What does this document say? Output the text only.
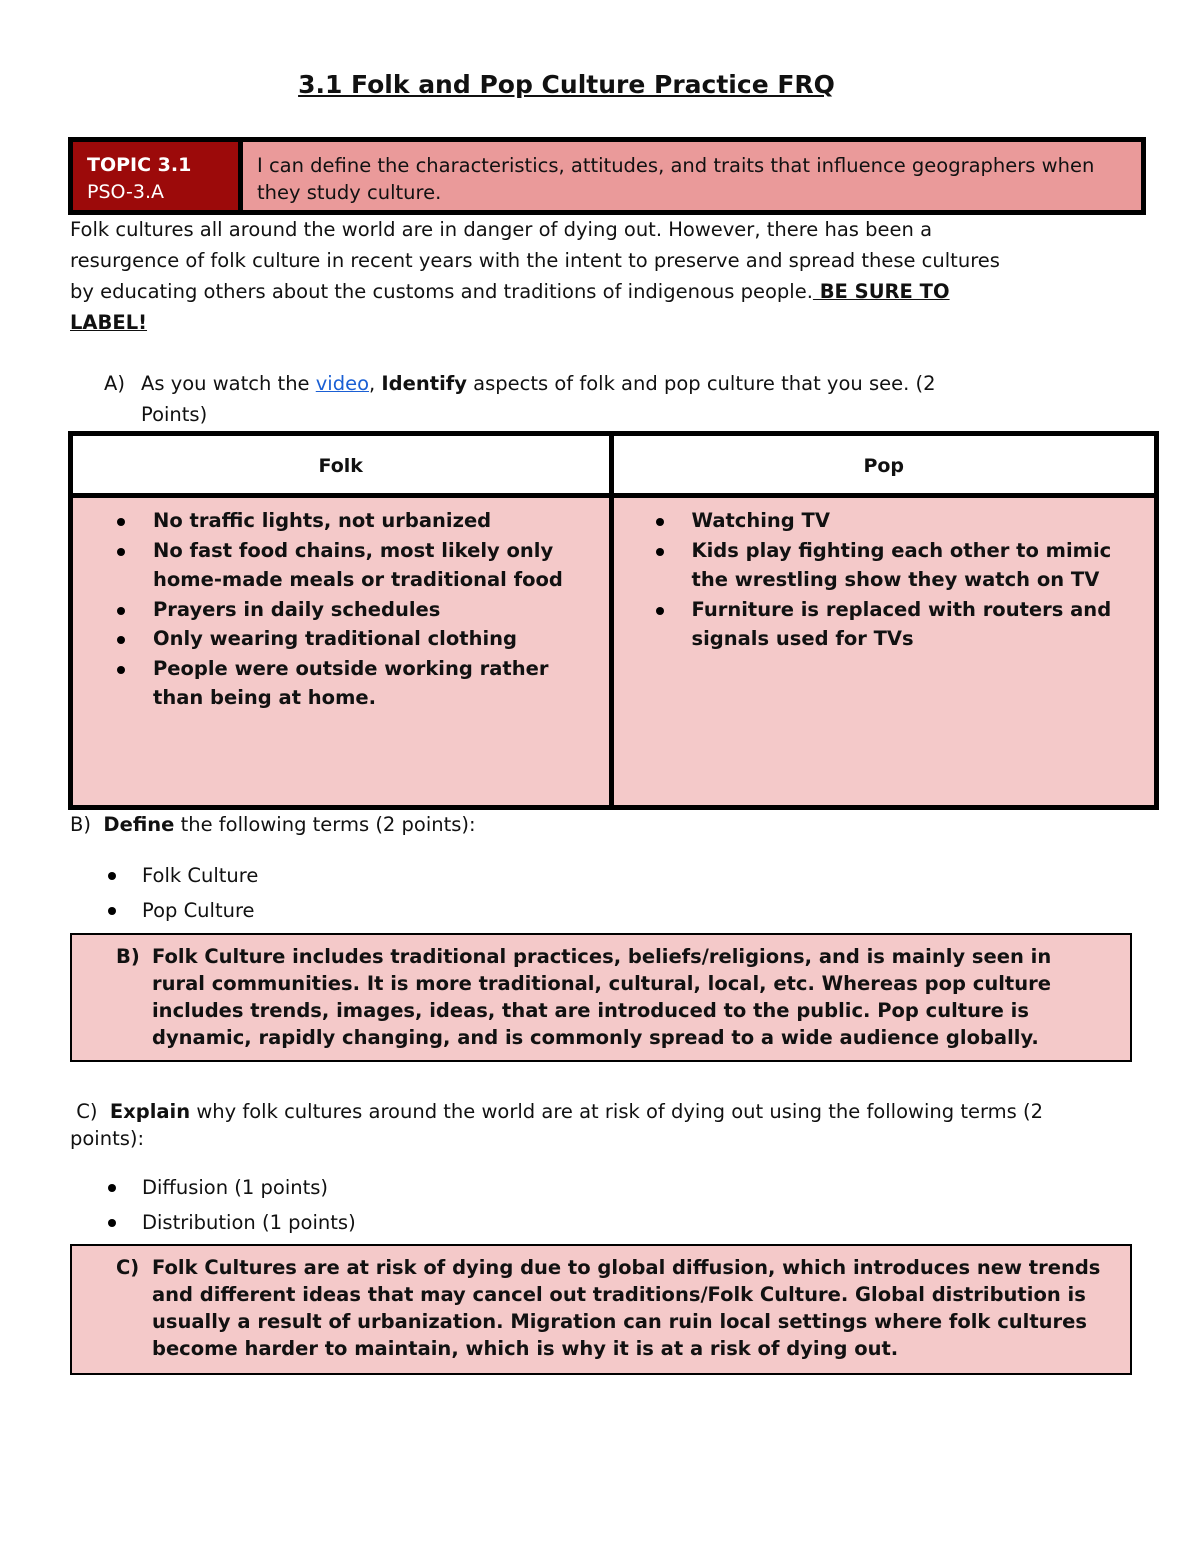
3.1 Folk and Pop Culture Practice FRQ
TOPIC 3.1
PSO-3.A
I can define the characteristics, attitudes, and traits that influence geographers when they study culture.
Folk cultures all around the world are in danger of dying out. However, there has been a resurgence of folk culture in recent years with the intent to preserve and spread these cultures by educating others about the customs and traditions of indigenous people. BE SURE TO LABEL!
A) As you watch the video, Identify aspects of folk and pop culture that you see. (2 Points)
Folk	Pop
No traffic lights, not urbanized
No fast food chains, most likely only home-made meals or traditional food
Prayers in daily schedules
Only wearing traditional clothing
People were outside working rather than being at home.
Watching TV
Kids play fighting each other to mimic the wrestling show they watch on TV
Furniture is replaced with routers and signals used for TVs
B) Define the following terms (2 points):
Folk Culture
Pop Culture
B) Folk Culture includes traditional practices, beliefs/religions, and is mainly seen in rural communities. It is more traditional, cultural, local, etc. Whereas pop culture includes trends, images, ideas, that are introduced to the public. Pop culture is dynamic, rapidly changing, and is commonly spread to a wide audience globally.
C) Explain why folk cultures around the world are at risk of dying out using the following terms (2 points):
Diffusion (1 points)
Distribution (1 points)
C) Folk Cultures are at risk of dying due to global diffusion, which introduces new trends and different ideas that may cancel out traditions/Folk Culture. Global distribution is usually a result of urbanization. Migration can ruin local settings where folk cultures become harder to maintain, which is why it is at a risk of dying out.
